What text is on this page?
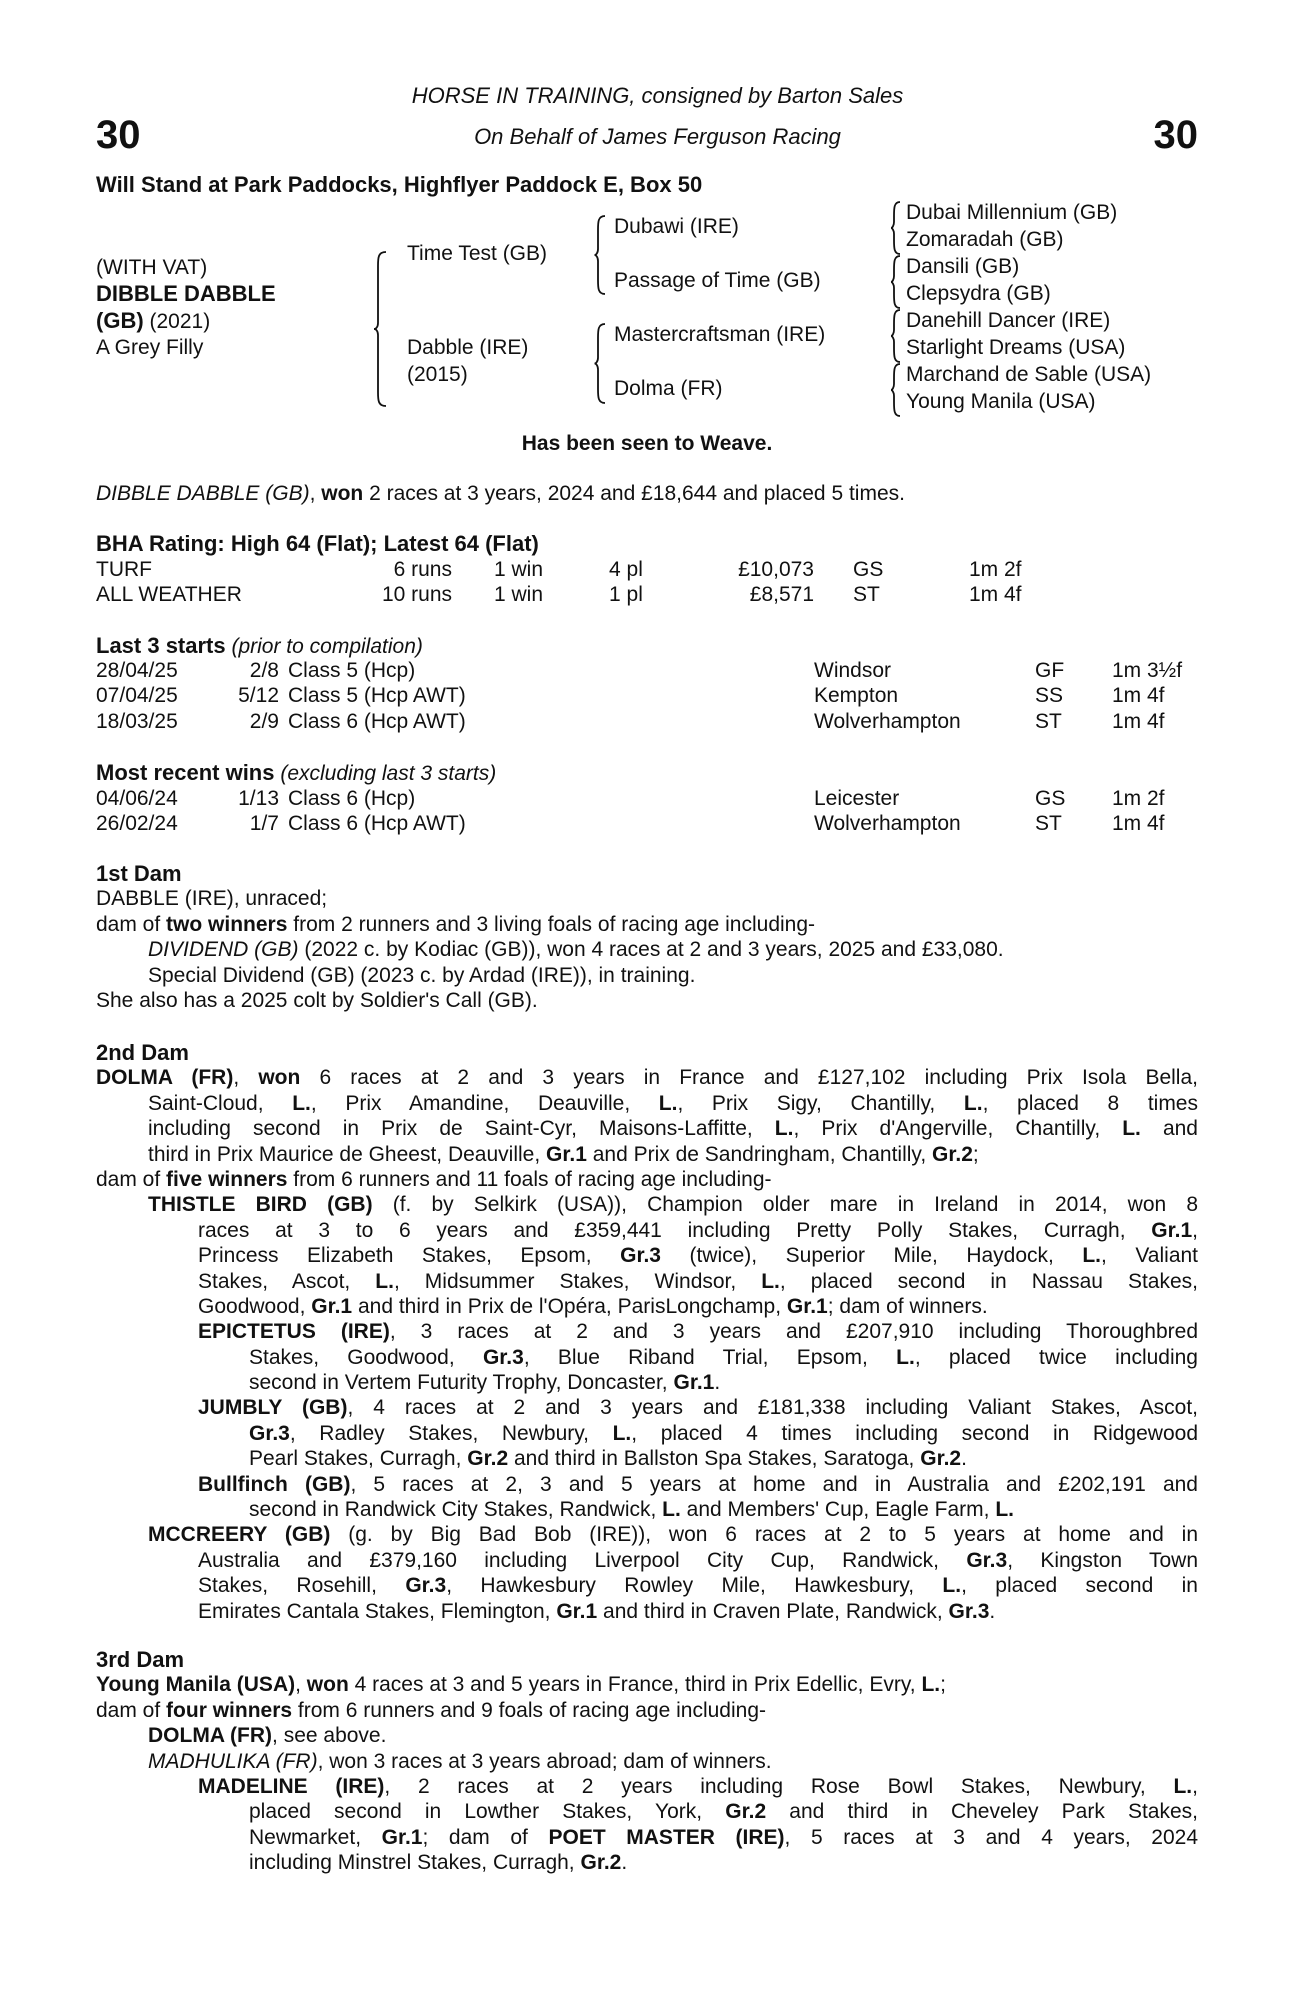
30	30
HORSE IN TRAINING, consigned by Barton Sales
On Behalf of James Ferguson Racing
Will Stand at Park Paddocks, Highflyer Paddock E, Box 50
(WITH VAT)
DIBBLE DABBLE
(GB) (2021)
A Grey Filly
Time Test (GB)
Dabble (IRE)
(2015)
Dubawi (IRE)
Passage of Time (GB)
Mastercraftsman (IRE)
Dolma (FR)
Dubai Millennium (GB)
Zomaradah (GB)
Dansili (GB)
Clepsydra (GB)
Danehill Dancer (IRE)
Starlight Dreams (USA)
Marchand de Sable (USA)
Young Manila (USA)
Has been seen to Weave.
DIBBLE DABBLE (GB), won 2 races at 3 years, 2024 and £18,644 and placed 5 times.
BHA Rating: High 64 (Flat); Latest 64 (Flat)
TURF	6 runs 1 win	4 pl	£10,073 GS	1m 2f
ALL WEATHER	10 runs 1 win	1 pl	£8,571 ST	1m 4f
Last 3 starts (prior to compilation)
28/04/25	2/8 Class 5 (Hcp)	Windsor	GF 1m 3½f
07/04/25	5/12 Class 5 (Hcp AWT)	Kempton	SS 1m 4f
18/03/25	2/9 Class 6 (Hcp AWT)	Wolverhampton	ST 1m 4f
Most recent wins (excluding last 3 starts)
04/06/24	1/13 Class 6 (Hcp)	Leicester	GS 1m 2f
26/02/24	1/7 Class 6 (Hcp AWT)	Wolverhampton	ST 1m 4f
1st Dam
DABBLE (IRE), unraced;
dam of two winners from 2 runners and 3 living foals of racing age including-
DIVIDEND (GB) (2022 c. by Kodiac (GB)), won 4 races at 2 and 3 years, 2025 and £33,080.
Special Dividend (GB) (2023 c. by Ardad (IRE)), in training.
She also has a 2025 colt by Soldier's Call (GB).
2nd Dam
DOLMA (FR), won 6 races at 2 and 3 years in France and £127,102 including Prix Isola Bella,
Saint-Cloud, L., Prix Amandine, Deauville, L., Prix Sigy, Chantilly, L., placed 8 times
including second in Prix de Saint-Cyr, Maisons-Laffitte, L., Prix d'Angerville, Chantilly, L. and
third in Prix Maurice de Gheest, Deauville, Gr.1 and Prix de Sandringham, Chantilly, Gr.2;
dam of five winners from 6 runners and 11 foals of racing age including-
THISTLE BIRD (GB) (f. by Selkirk (USA)), Champion older mare in Ireland in 2014, won 8
races at 3 to 6 years and £359,441 including Pretty Polly Stakes, Curragh, Gr.1,
Princess Elizabeth Stakes, Epsom, Gr.3 (twice), Superior Mile, Haydock, L., Valiant
Stakes, Ascot, L., Midsummer Stakes, Windsor, L., placed second in Nassau Stakes,
Goodwood, Gr.1 and third in Prix de l'Opéra, ParisLongchamp, Gr.1; dam of winners.
EPICTETUS (IRE), 3 races at 2 and 3 years and £207,910 including Thoroughbred
Stakes, Goodwood, Gr.3, Blue Riband Trial, Epsom, L., placed twice including
second in Vertem Futurity Trophy, Doncaster, Gr.1.
JUMBLY (GB), 4 races at 2 and 3 years and £181,338 including Valiant Stakes, Ascot,
Gr.3, Radley Stakes, Newbury, L., placed 4 times including second in Ridgewood
Pearl Stakes, Curragh, Gr.2 and third in Ballston Spa Stakes, Saratoga, Gr.2.
Bullfinch (GB), 5 races at 2, 3 and 5 years at home and in Australia and £202,191 and
second in Randwick City Stakes, Randwick, L. and Members' Cup, Eagle Farm, L.
MCCREERY (GB) (g. by Big Bad Bob (IRE)), won 6 races at 2 to 5 years at home and in
Australia and £379,160 including Liverpool City Cup, Randwick, Gr.3, Kingston Town
Stakes, Rosehill, Gr.3, Hawkesbury Rowley Mile, Hawkesbury, L., placed second in
Emirates Cantala Stakes, Flemington, Gr.1 and third in Craven Plate, Randwick, Gr.3.
3rd Dam
Young Manila (USA), won 4 races at 3 and 5 years in France, third in Prix Edellic, Evry, L.;
dam of four winners from 6 runners and 9 foals of racing age including-
DOLMA (FR), see above.
MADHULIKA (FR), won 3 races at 3 years abroad; dam of winners.
MADELINE (IRE), 2 races at 2 years including Rose Bowl Stakes, Newbury, L.,
placed second in Lowther Stakes, York, Gr.2 and third in Cheveley Park Stakes,
Newmarket, Gr.1; dam of POET MASTER (IRE), 5 races at 3 and 4 years, 2024
including Minstrel Stakes, Curragh, Gr.2.
